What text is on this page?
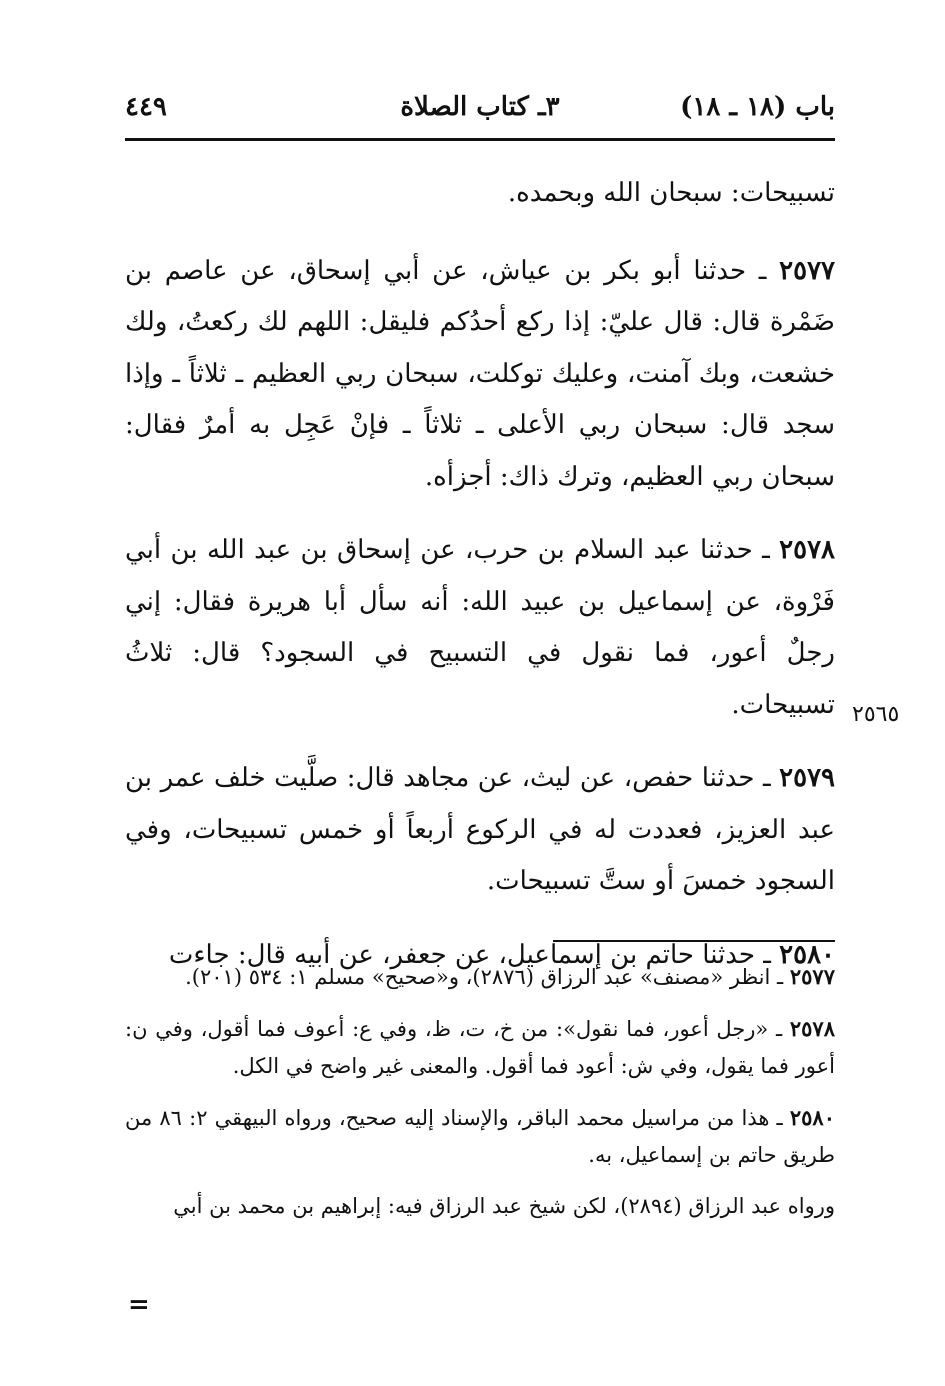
باب (١٨ ـ ١٨)
٣ـ كتاب الصلاة
٤٤٩

تسبيحات: سبحان الله وبحمده.

٢٥٧٧ ـ حدثنا أبو بكر بن عياش، عن أبي إسحاق، عن عاصم بن ضَمْرة قال: قال عليّ: إذا ركع أحدُكم فليقل: اللهم لك ركعتُ، ولك خشعت، وبك آمنت، وعليك توكلت، سبحان ربي العظيم ـ ثلاثاً ـ وإذا سجد قال: سبحان ربي الأعلى ـ ثلاثاً ـ فإنْ عَجِل به أمرٌ فقال: سبحان ربي العظيم، وترك ذاك: أجزأه.

٢٥٧٨ ـ حدثنا عبد السلام بن حرب، عن إسحاق بن عبد الله بن أبي فَرْوة، عن إسماعيل بن عبيد الله: أنه سأل أبا هريرة فقال: إني رجلٌ أعور، فما نقول في التسبيح في السجود؟ قال: ثلاثُ تسبيحات.

٢٥٧٩ ـ حدثنا حفص، عن ليث، عن مجاهد قال: صلَّيت خلف عمر بن عبد العزيز، فعددت له في الركوع أربعاً أو خمس تسبيحات، وفي السجود خمسَ أو ستَّ تسبيحات.

٢٥٨٠ ـ حدثنا حاتم بن إسماعيل، عن جعفر، عن أبيه قال: جاءت

٢٥٦٥

٢٥٧٧ ـ انظر «مصنف» عبد الرزاق (٢٨٧٦)، و«صحيح» مسلم ١: ٥٣٤ (٢٠١).

٢٥٧٨ ـ «رجل أعور، فما نقول»: من خ، ت، ظ، وفي ع: أعوف فما أقول، وفي ن: أعور فما يقول، وفي ش: أعود فما أقول. والمعنى غير واضح في الكل.

٢٥٨٠ ـ هذا من مراسيل محمد الباقر، والإسناد إليه صحيح، ورواه البيهقي ٢: ٨٦ من طريق حاتم بن إسماعيل، به.

ورواه عبد الرزاق (٢٨٩٤)، لكن شيخ عبد الرزاق فيه: إبراهيم بن محمد بن أبي

=
